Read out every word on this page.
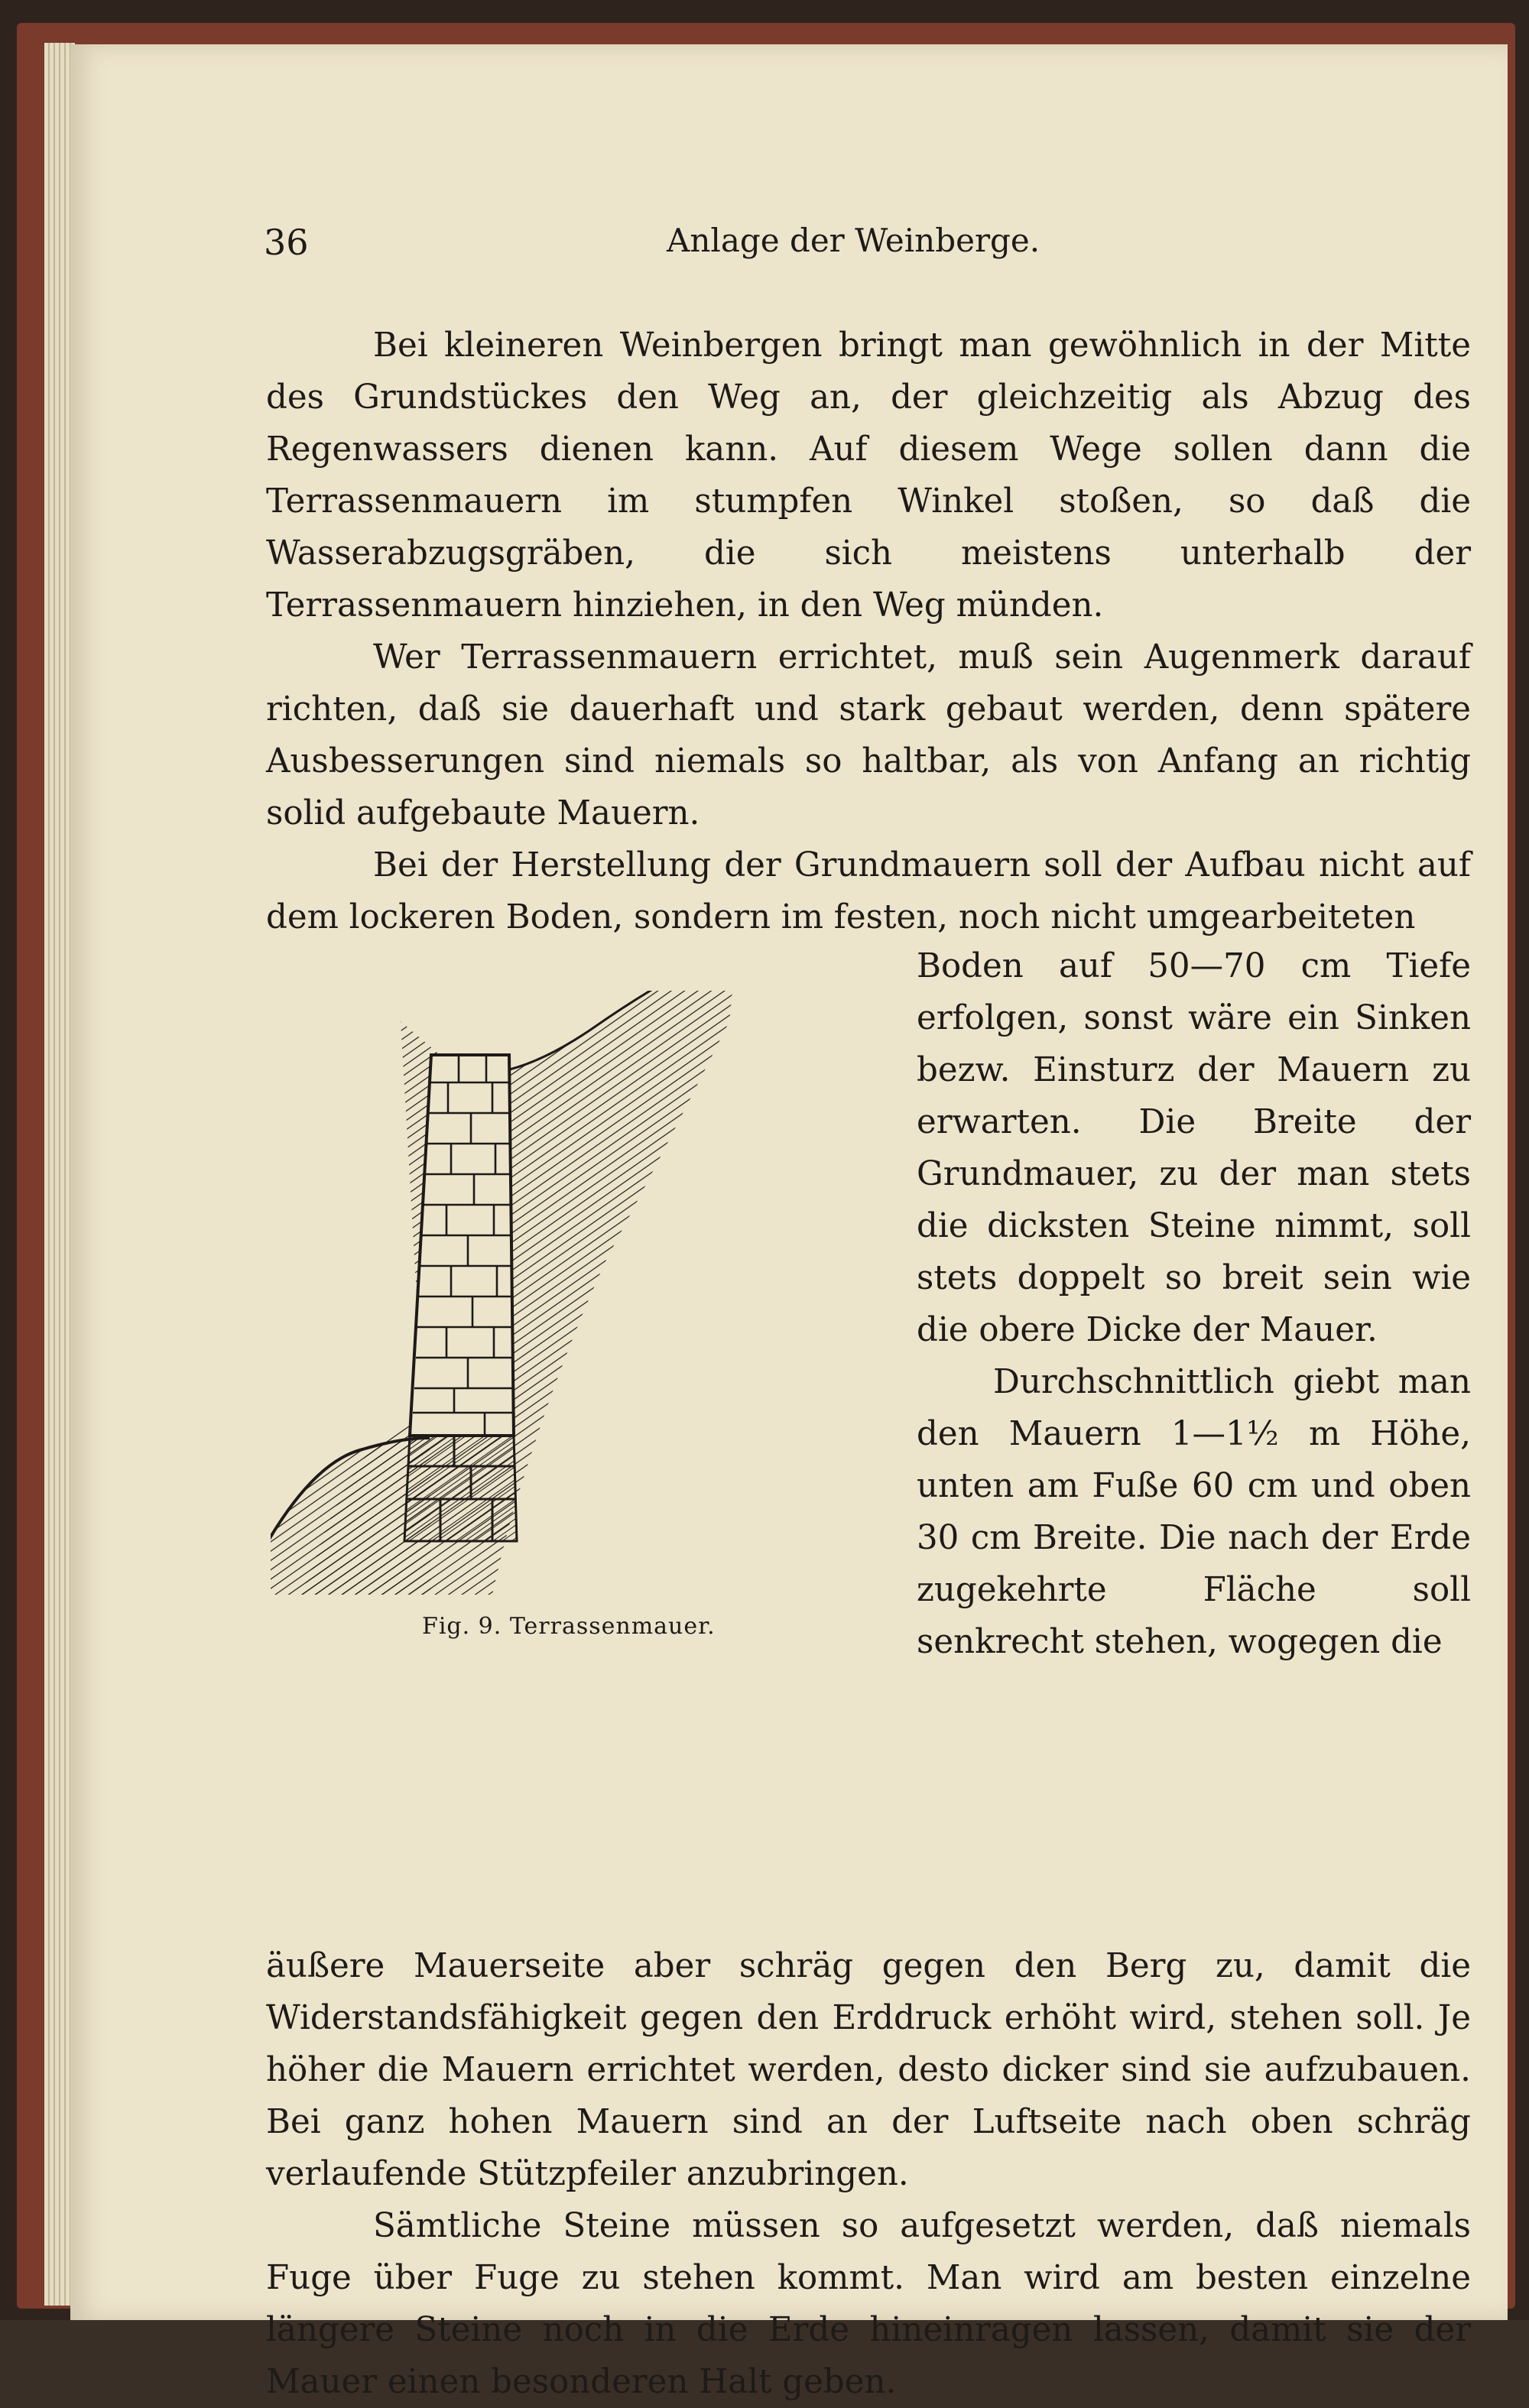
36	Anlage der Weinberge.

Bei kleineren Weinbergen bringt man gewöhnlich in der Mitte des Grundstückes den Weg an, der gleichzeitig als Abzug des Regenwassers dienen kann. Auf diesem Wege sollen dann die Terrassenmauern im stumpfen Winkel stoßen, so daß die Wasserabzugsgräben, die sich meistens unterhalb der Terrassenmauern hinziehen, in den Weg münden.

Wer Terrassenmauern errichtet, muß sein Augenmerk darauf richten, daß sie dauerhaft und stark gebaut werden, denn spätere Ausbesserungen sind niemals so haltbar, als von Anfang an richtig solid aufgebaute Mauern.

Bei der Herstellung der Grundmauern soll der Aufbau nicht auf dem lockeren Boden, sondern im festen, noch nicht umgearbeiteten

Boden auf 50—70 cm Tiefe erfolgen, sonst wäre ein Sinken bezw. Einsturz der Mauern zu erwarten. Die Breite der Grundmauer, zu der man stets die dicksten Steine nimmt, soll stets doppelt so breit sein wie die obere Dicke der Mauer.

Durchschnittlich giebt man den Mauern 1—1½ m Höhe, unten am Fuße 60 cm und oben 30 cm Breite. Die nach der Erde zugekehrte Fläche soll senkrecht stehen, wogegen die

Fig. 9. Terrassenmauer.

äußere Mauerseite aber schräg gegen den Berg zu, damit die Widerstandsfähigkeit gegen den Erddruck erhöht wird, stehen soll. Je höher die Mauern errichtet werden, desto dicker sind sie aufzubauen. Bei ganz hohen Mauern sind an der Luftseite nach oben schräg verlaufende Stützpfeiler anzubringen.

Sämtliche Steine müssen so aufgesetzt werden, daß niemals Fuge über Fuge zu stehen kommt. Man wird am besten einzelne längere Steine noch in die Erde hineinragen lassen, damit sie der Mauer einen besonderen Halt geben.
